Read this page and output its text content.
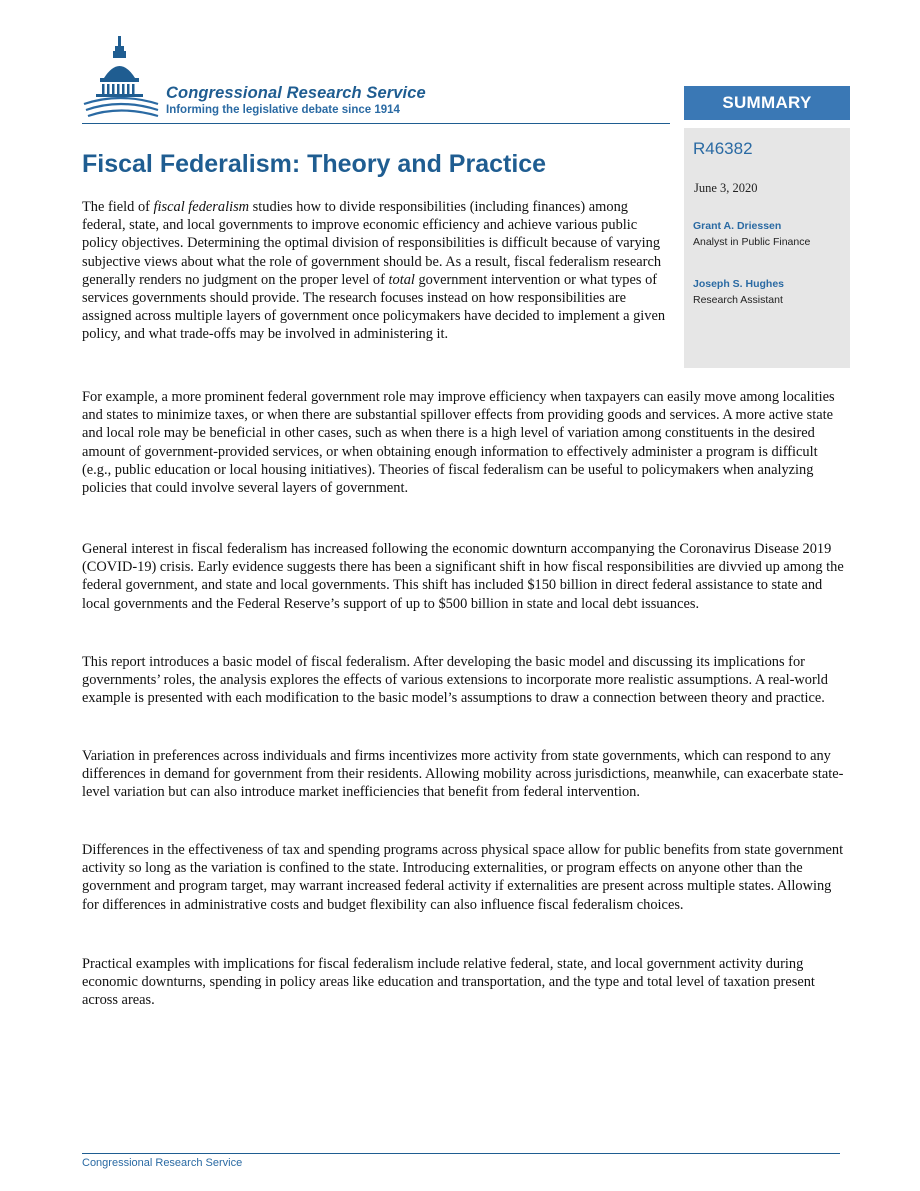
Congressional Research Service
Informing the legislative debate since 1914	SUMMARY
R46382
June 3, 2020
Grant A. Driessen
Analyst in Public Finance
Joseph S. Hughes
Research Assistant
Fiscal Federalism: Theory and Practice

The field of fiscal federalism studies how to divide responsibilities (including finances) among federal, state, and local governments to improve economic efficiency and achieve various public policy objectives. Determining the optimal division of responsibilities is difficult because of varying subjective views about what the role of government should be. As a result, fiscal federalism research generally renders no judgment on the proper level of total government intervention or what types of services governments should provide. The research focuses instead on how responsibilities are assigned across multiple layers of government once policymakers have decided to implement a given policy, and what trade-offs may be involved in administering it.

For example, a more prominent federal government role may improve efficiency when taxpayers can easily move among localities and states to minimize taxes, or when there are substantial spillover effects from providing goods and services. A more active state and local role may be beneficial in other cases, such as when there is a high level of variation among constituents in the desired amount of government-provided services, or when obtaining enough information to effectively administer a program is difficult (e.g., public education or local housing initiatives). Theories of fiscal federalism can be useful to policymakers when analyzing policies that could involve several layers of government.

General interest in fiscal federalism has increased following the economic downturn accompanying the Coronavirus Disease 2019 (COVID-19) crisis. Early evidence suggests there has been a significant shift in how fiscal responsibilities are divvied up among the federal government, and state and local governments. This shift has included $150 billion in direct federal assistance to state and local governments and the Federal Reserve’s support of up to $500 billion in state and local debt issuances.

This report introduces a basic model of fiscal federalism. After developing the basic model and discussing its implications for governments’ roles, the analysis explores the effects of various extensions to incorporate more realistic assumptions. A real-world example is presented with each modification to the basic model’s assumptions to draw a connection between theory and practice.

Variation in preferences across individuals and firms incentivizes more activity from state governments, which can respond to any differences in demand for government from their residents. Allowing mobility across jurisdictions, meanwhile, can exacerbate state-level variation but can also introduce market inefficiencies that benefit from federal intervention.

Differences in the effectiveness of tax and spending programs across physical space allow for public benefits from state government activity so long as the variation is confined to the state. Introducing externalities, or program effects on anyone other than the government and program target, may warrant increased federal activity if externalities are present across multiple states. Allowing for differences in administrative costs and budget flexibility can also influence fiscal federalism choices.

Practical examples with implications for fiscal federalism include relative federal, state, and local government activity during economic downturns, spending in policy areas like education and transportation, and the type and total level of taxation present across areas.

Congressional Research Service
